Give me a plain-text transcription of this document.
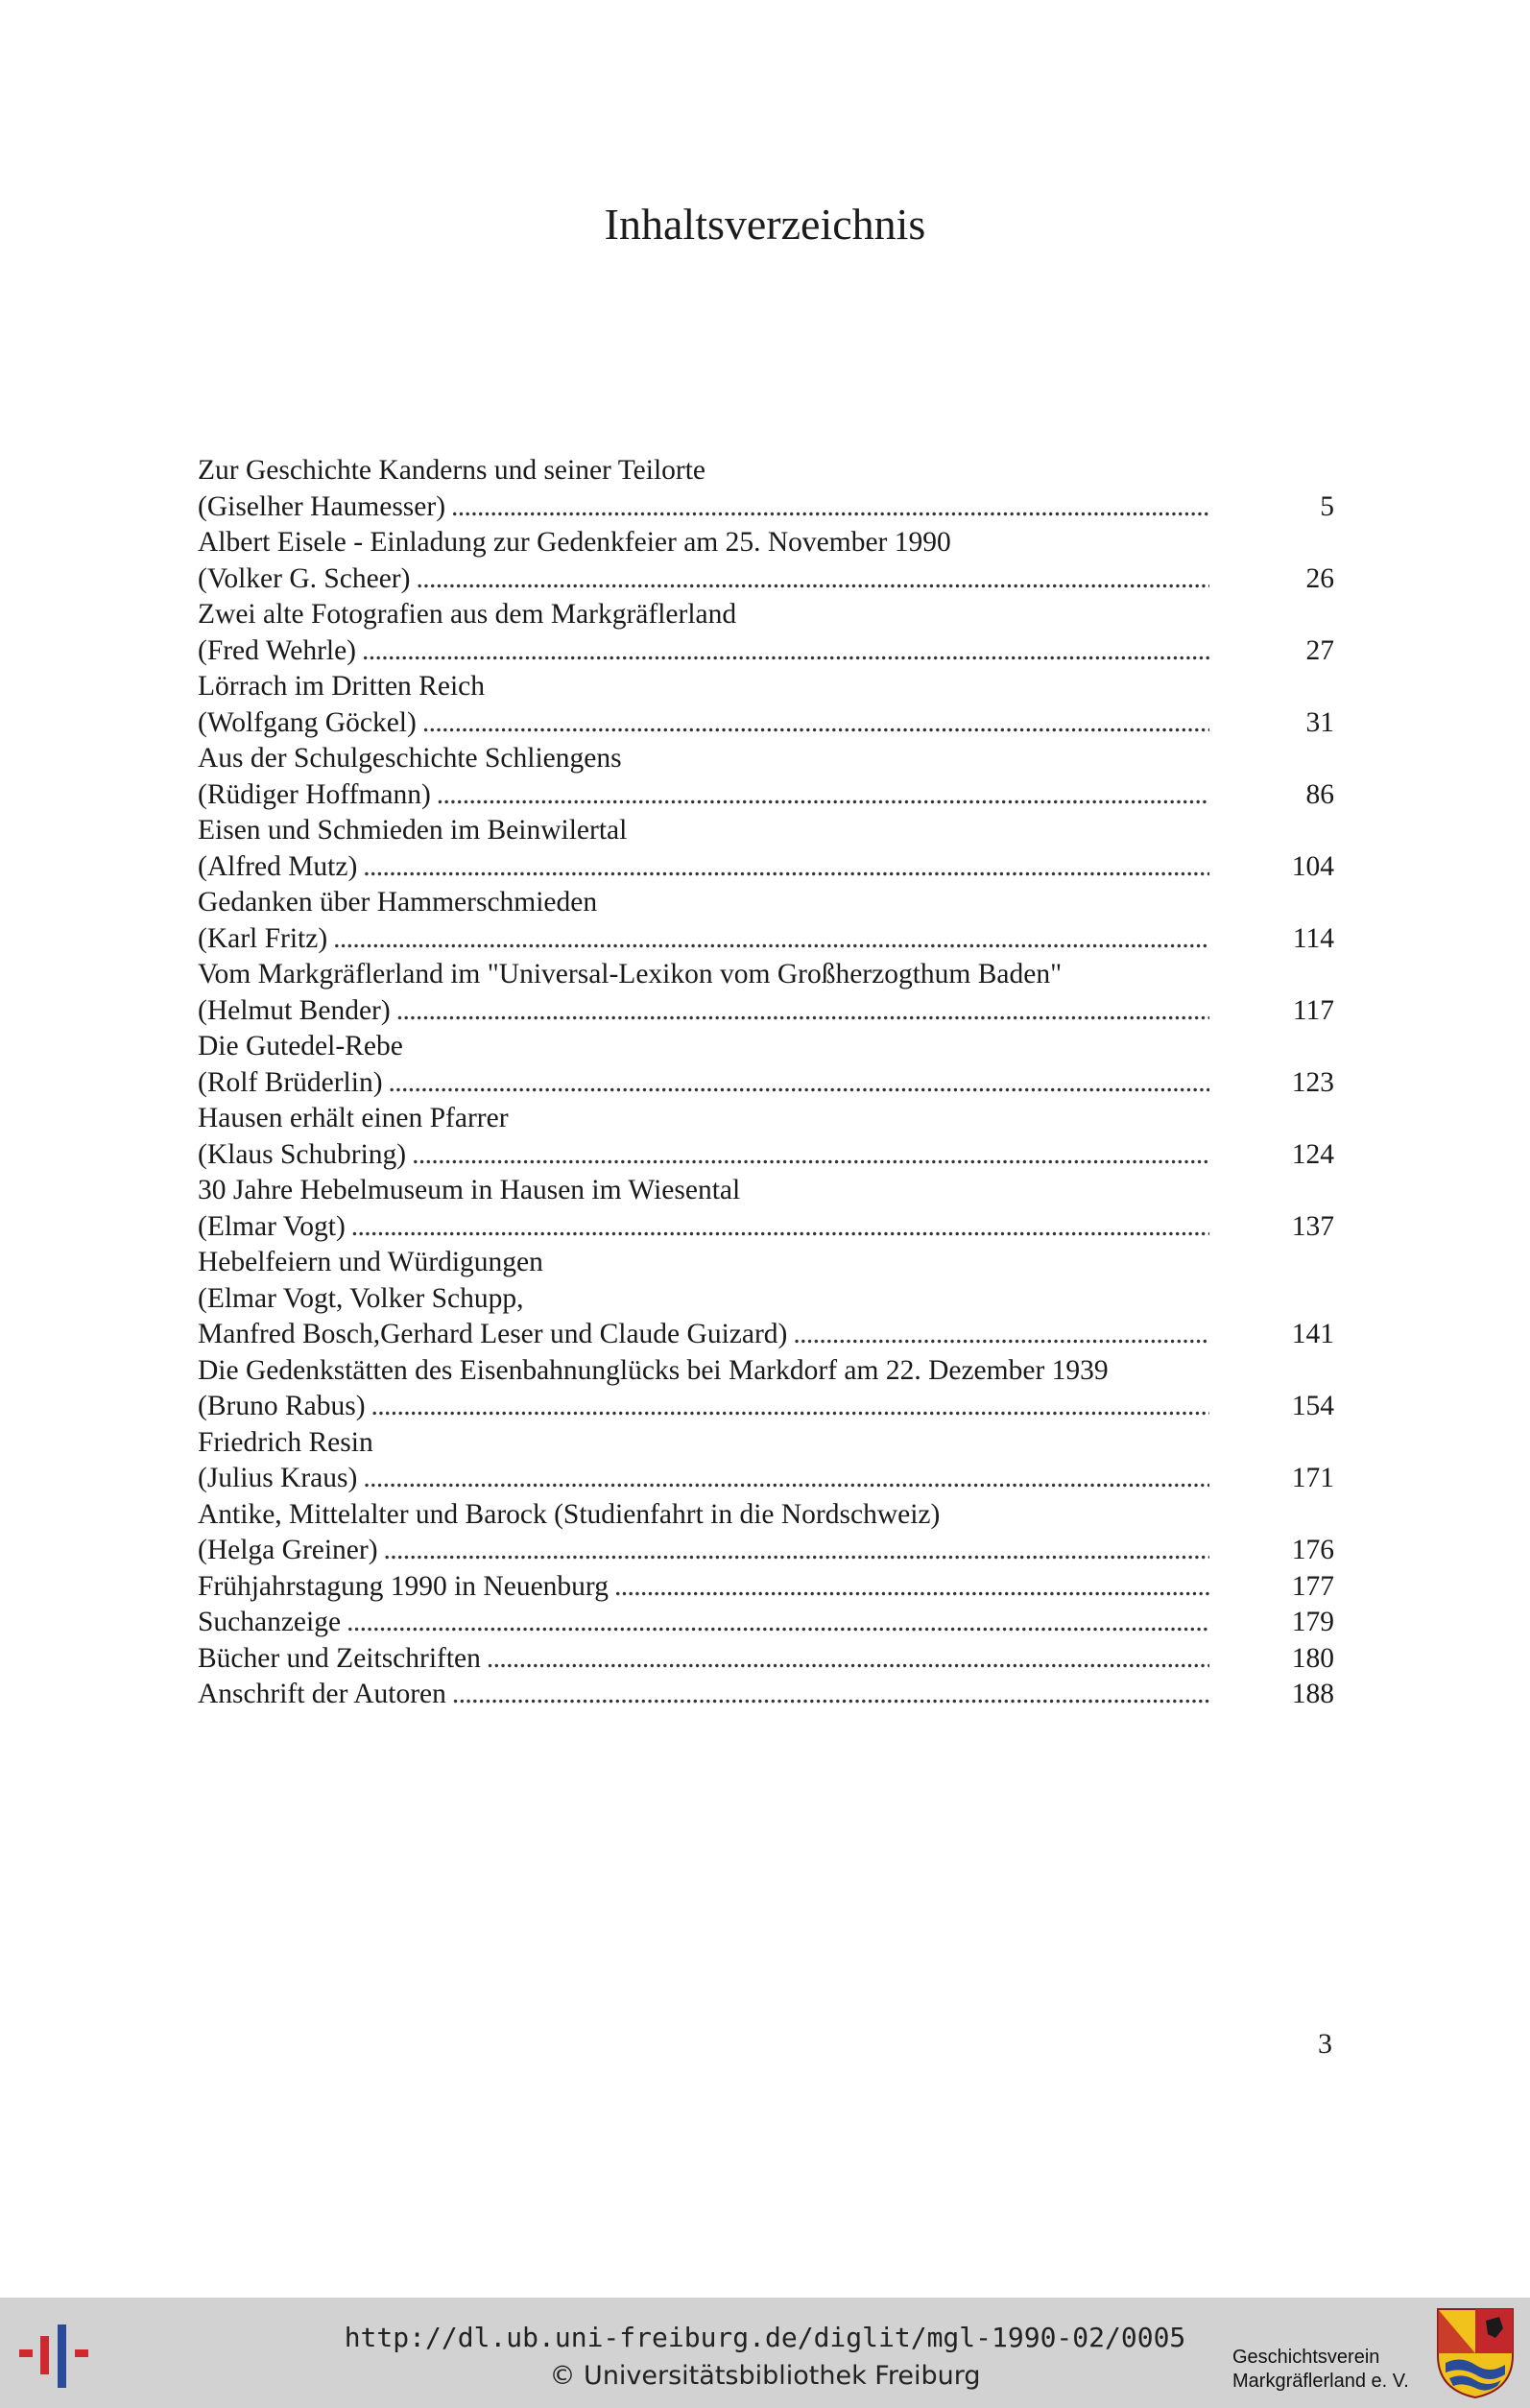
Inhaltsverzeichnis
Zur Geschichte Kanderns und seiner Teilorte
(Giselher Haumesser) . . .	5
Albert Eisele - Einladung zur Gedenkfeier am 25. November 1990
(Volker G. Scheer) . . .	26
Zwei alte Fotografien aus dem Markgräflerland
(Fred Wehrle) . . .	27
Lörrach im Dritten Reich
(Wolfgang Göckel) . . .	31
Aus der Schulgeschichte Schliengens
(Rüdiger Hoffmann) . . .	86
Eisen und Schmieden im Beinwilertal
(Alfred Mutz) . . .	104
Gedanken über Hammerschmieden
(Karl Fritz) . . .	114
Vom Markgräflerland im "Universal-Lexikon vom Großherzogthum Baden"
(Helmut Bender) . . .	117
Die Gutedel-Rebe
(Rolf Brüderlin) . . .	123
Hausen erhält einen Pfarrer
(Klaus Schubring) . . .	124
30 Jahre Hebelmuseum in Hausen im Wiesental
(Elmar Vogt) . . .	137
Hebelfeiern und Würdigungen
(Elmar Vogt, Volker Schupp,
Manfred Bosch,Gerhard Leser und Claude Guizard) . . .	141
Die Gedenkstätten des Eisenbahnunglücks bei Markdorf am 22. Dezember 1939
(Bruno Rabus) . . .	154
Friedrich Resin
(Julius Kraus) . . .	171
Antike, Mittelalter und Barock (Studienfahrt in die Nordschweiz)
(Helga Greiner) . . .	176
Frühjahrstagung 1990 in Neuenburg . . .	177
Suchanzeige . . .	179
Bücher und Zeitschriften . . .	180
Anschrift der Autoren . . .	188
3
http://dl.ub.uni-freiburg.de/diglit/mgl-1990-02/0005
© Universitätsbibliothek Freiburg
Geschichtsverein
Markgräflerland e. V.
